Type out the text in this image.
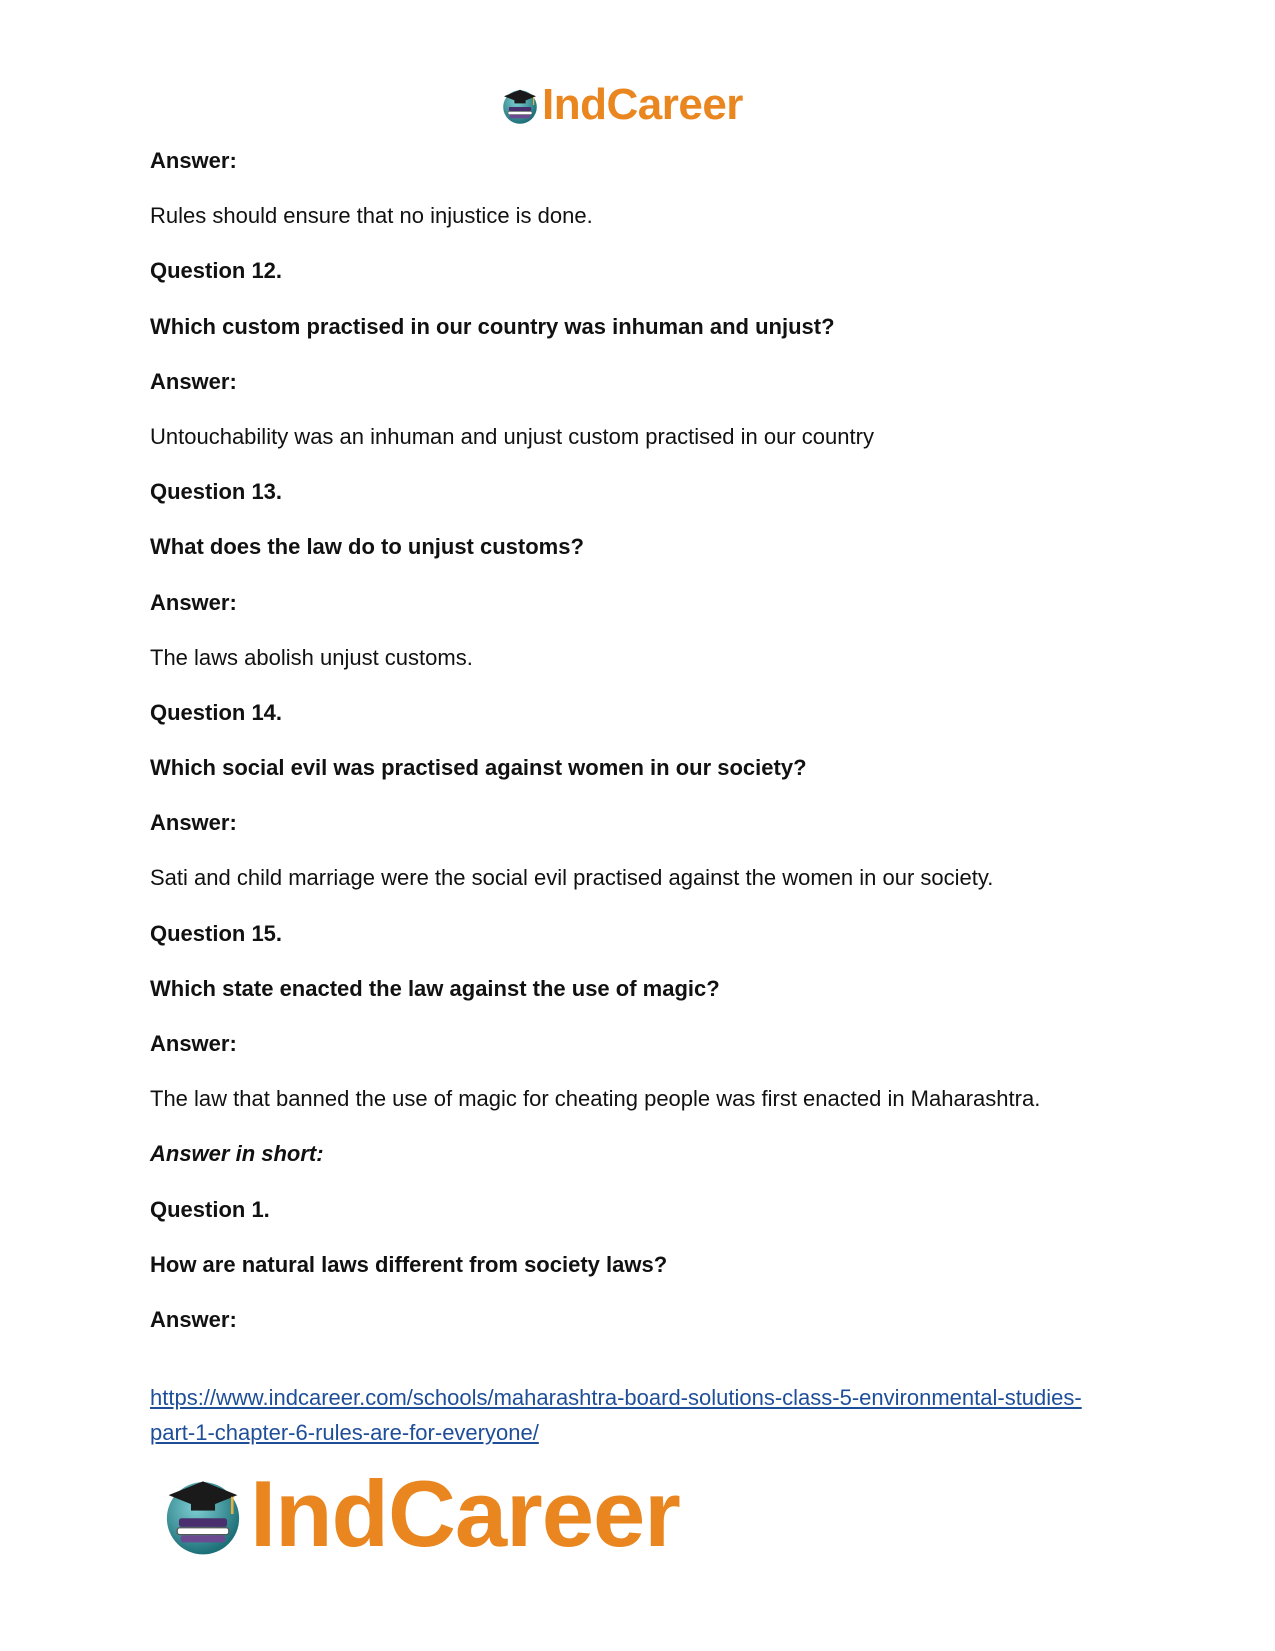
IndCareer

Answer:

Rules should ensure that no injustice is done.

Question 12.

Which custom practised in our country was inhuman and unjust?

Answer:

Untouchability was an inhuman and unjust custom practised in our country

Question 13.

What does the law do to unjust customs?

Answer:

The laws abolish unjust customs.

Question 14.

Which social evil was practised against women in our society?

Answer:

Sati and child marriage were the social evil practised against the women in our society.

Question 15.

Which state enacted the law against the use of magic?

Answer:

The law that banned the use of magic for cheating people was first enacted in Maharashtra.

Answer in short:

Question 1.

How are natural laws different from society laws?

Answer:

https://www.indcareer.com/schools/maharashtra-board-solutions-class-5-environmental-studies-
part-1-chapter-6-rules-are-for-everyone/
IndCareer
